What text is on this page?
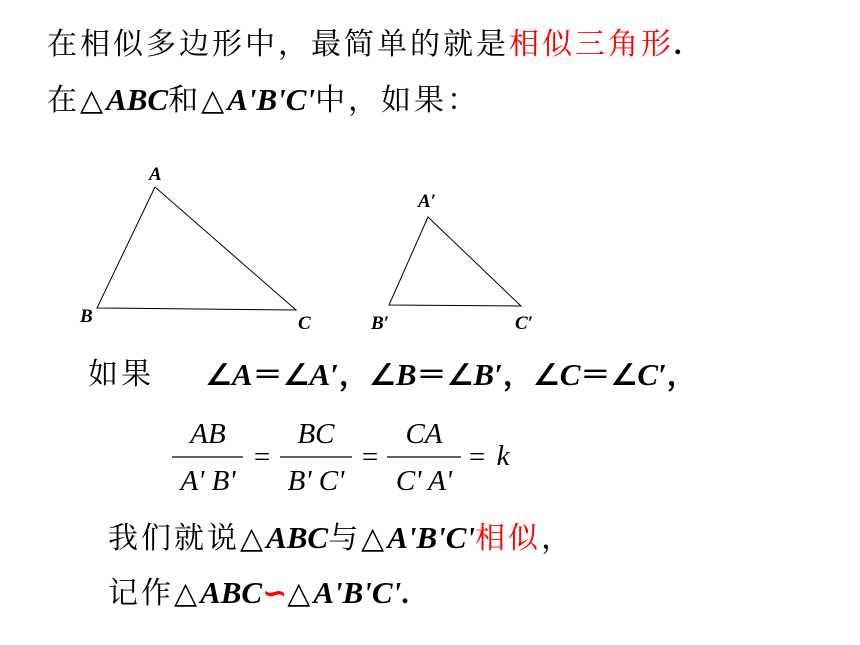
在相似多边形中，最简单的就是相似三角形.
在△ABC和△A'B'C'中，如果：
A
B	C
A′
B′	C′
如果 ∠A＝∠A′，∠B＝∠B′，∠C＝∠C′，
AB
A' B'
=
BC
B' C'
=
CA
C' A'
= k
我们就说△ABC与△A'B'C'相似，
记作△ABC∽△A'B'C'.
